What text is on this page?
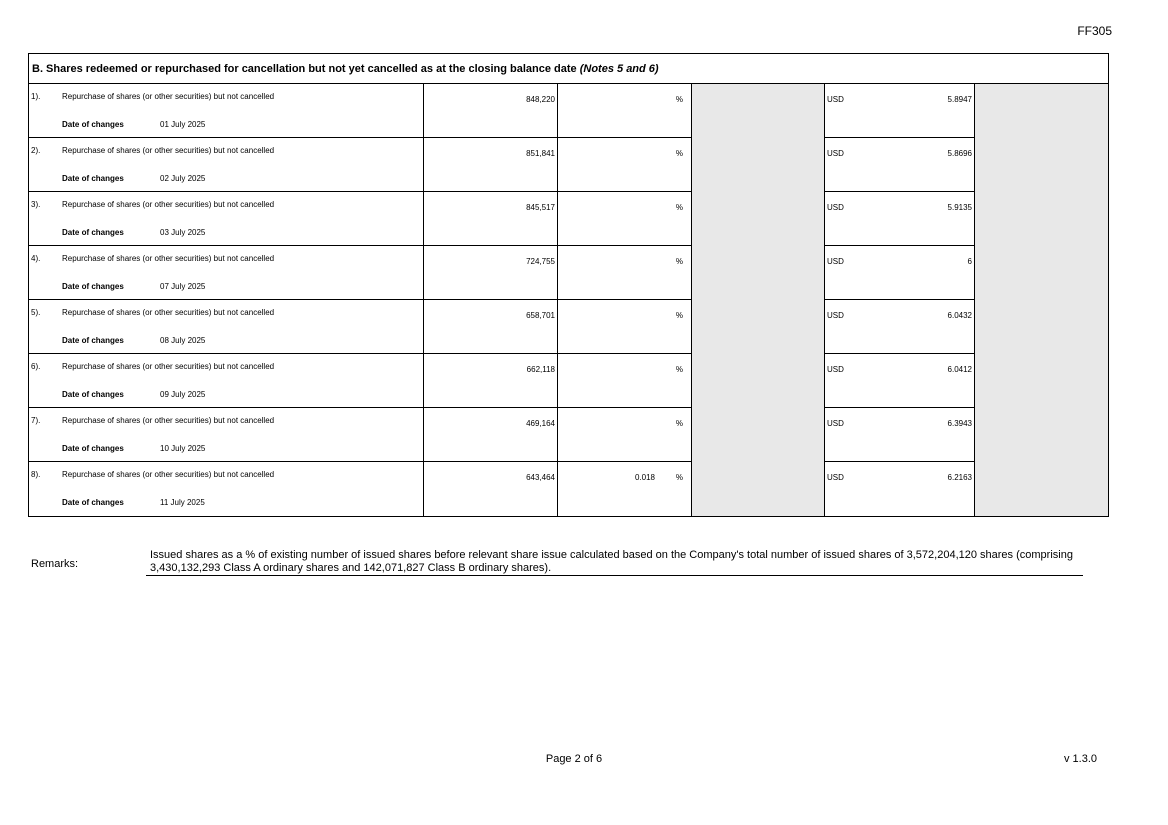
FF305
B. Shares redeemed or repurchased for cancellation but not yet cancelled as at the closing balance date (Notes 5 and 6)
1).	Repurchase of shares (or other securities) but not cancelled
Date of changes	01 July 2025
848,220	%	USD	5.8947
2).	Repurchase of shares (or other securities) but not cancelled
Date of changes	02 July 2025
851,841	%	USD	5.8696
3).	Repurchase of shares (or other securities) but not cancelled
Date of changes	03 July 2025
845,517	%	USD	5.9135
4).	Repurchase of shares (or other securities) but not cancelled
Date of changes	07 July 2025
724,755	%	USD	6
5).	Repurchase of shares (or other securities) but not cancelled
Date of changes	08 July 2025
658,701	%	USD	6.0432
6).	Repurchase of shares (or other securities) but not cancelled
Date of changes	09 July 2025
662,118	%	USD	6.0412
7).	Repurchase of shares (or other securities) but not cancelled
Date of changes	10 July 2025
469,164	%	USD	6.3943
8).	Repurchase of shares (or other securities) but not cancelled
Date of changes	11 July 2025
643,464	0.018	%	USD	6.2163
Remarks:
Issued shares as a % of existing number of issued shares before relevant share issue calculated based on the Company's total number of issued shares of 3,572,204,120 shares (comprising 3,430,132,293 Class A ordinary shares and 142,071,827 Class B ordinary shares).
Page 2 of 6	v 1.3.0
